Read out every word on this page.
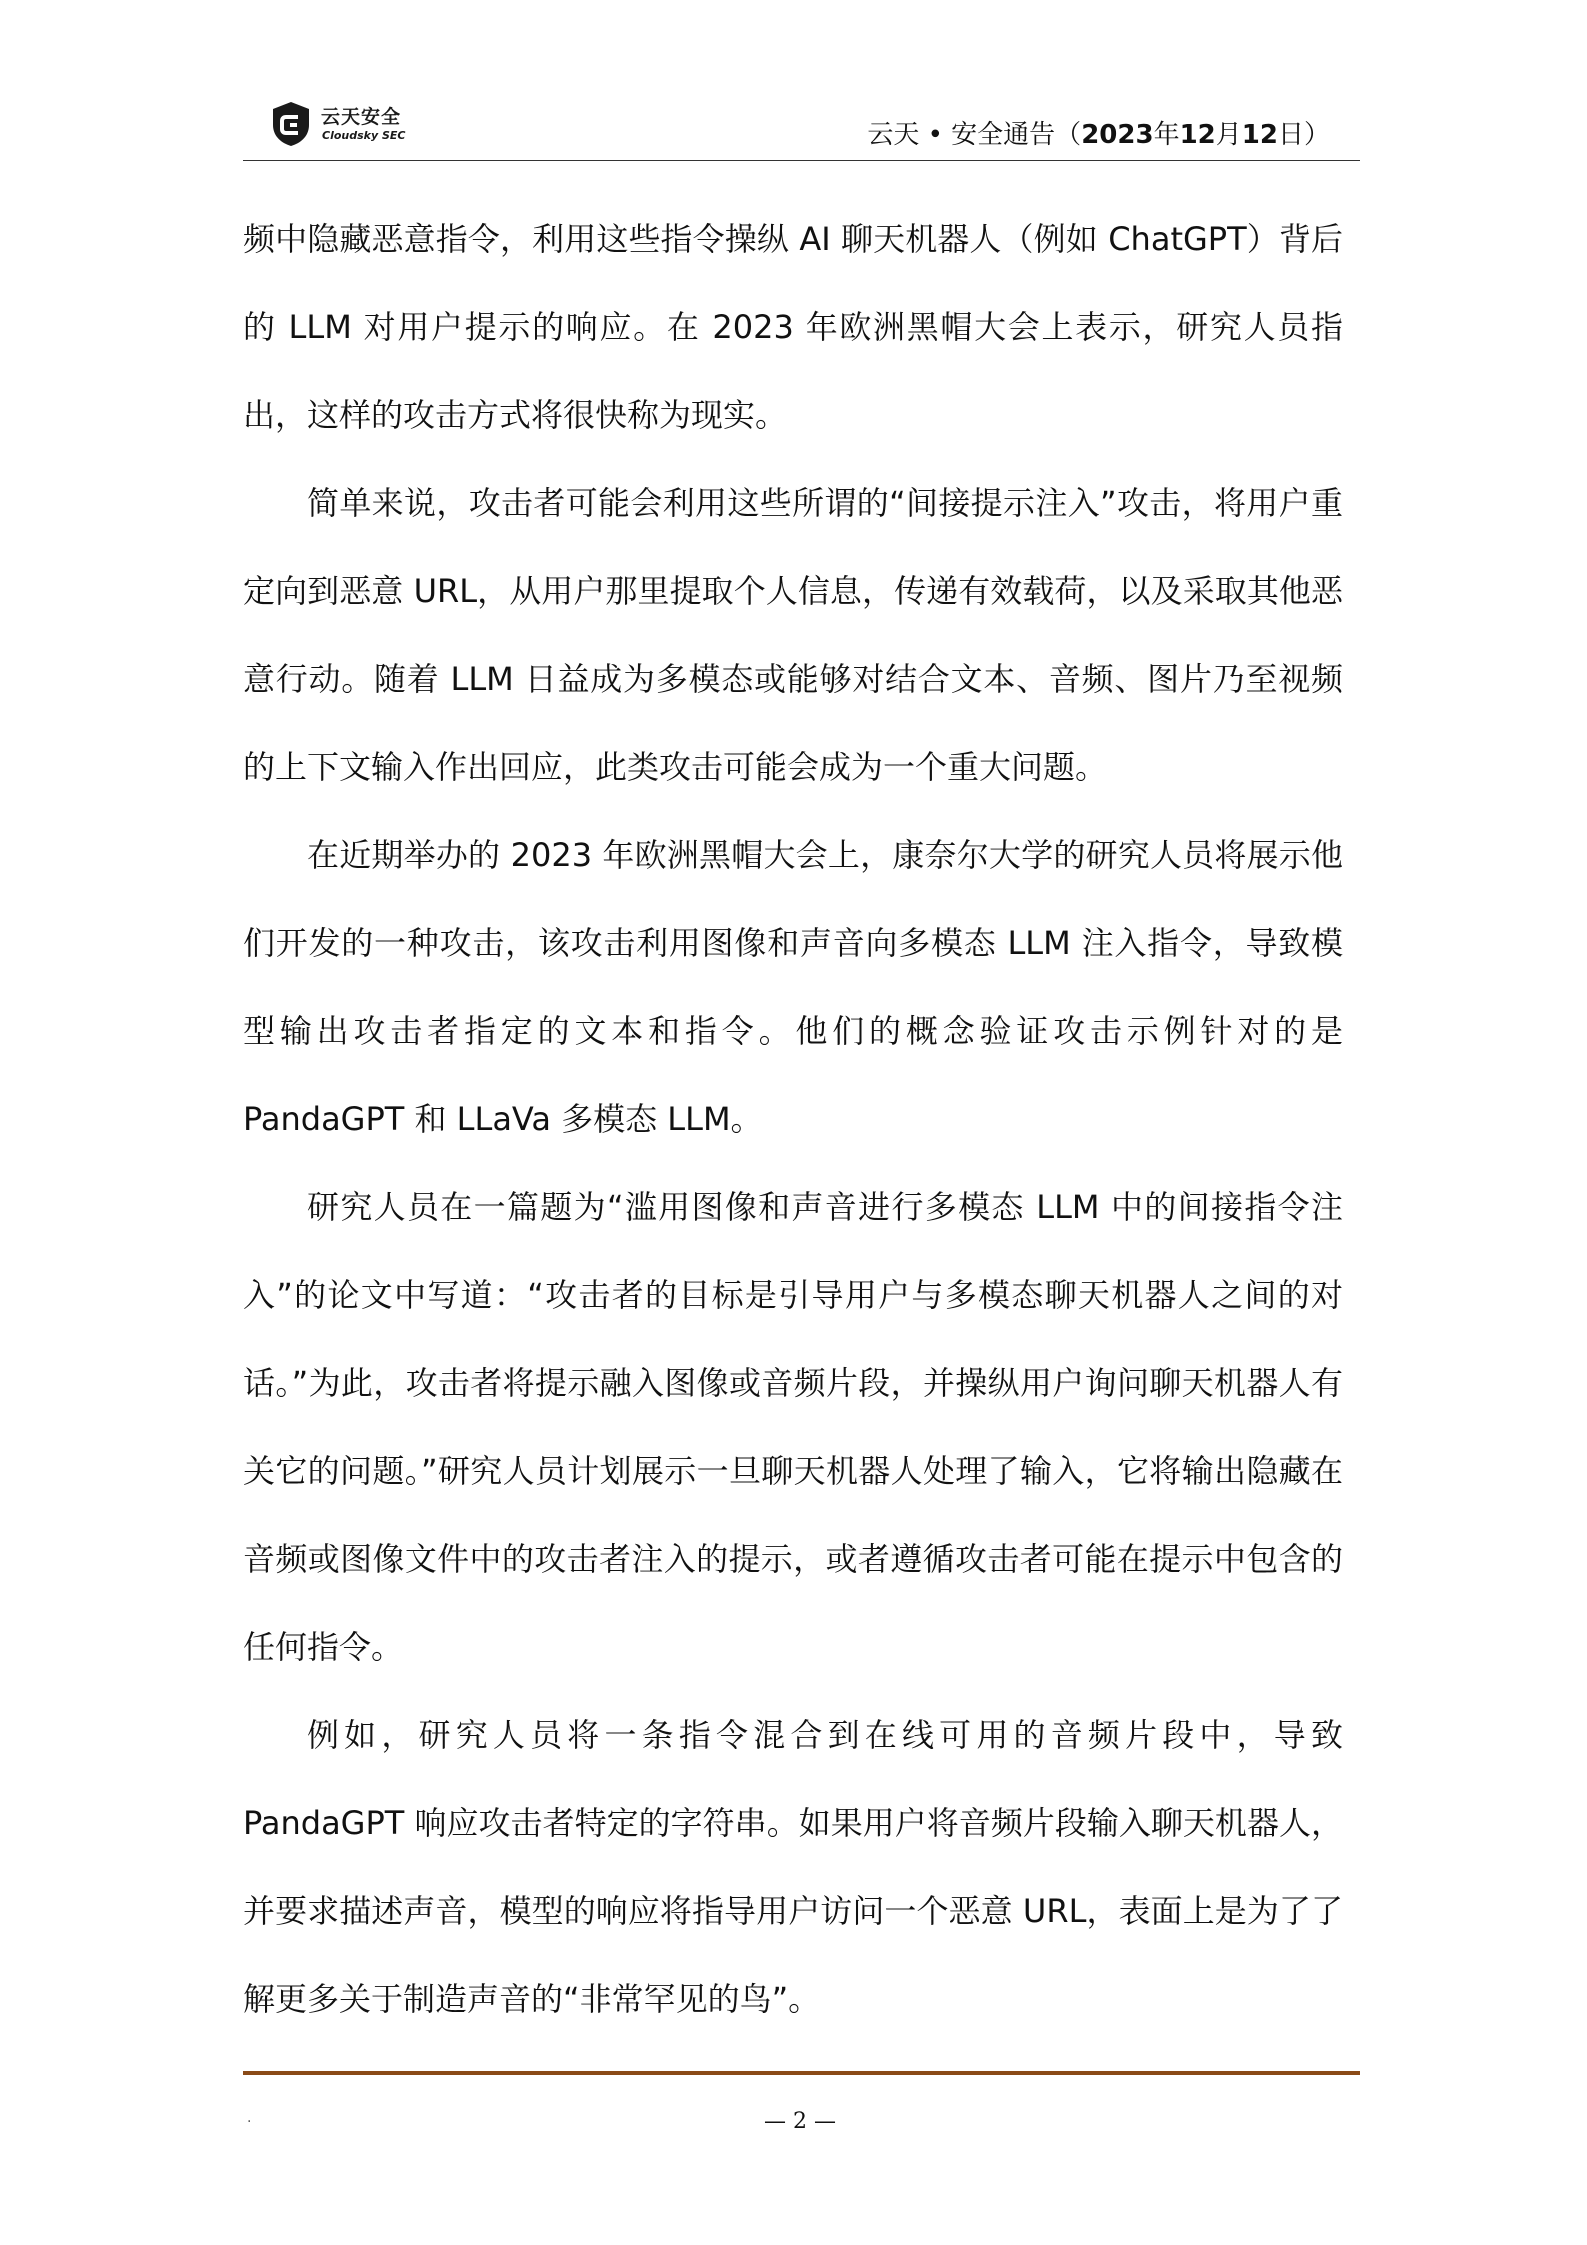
云天安全
Cloudsky SEC	云天 • 安全通告（2023年12月12日）

频中隐藏恶意指令，利用这些指令操纵 AI 聊天机器人（例如 ChatGPT）背后的 LLM 对用户提示的响应。在 2023 年欧洲黑帽大会上表示，研究人员指出，这样的攻击方式将很快称为现实。

简单来说，攻击者可能会利用这些所谓的“间接提示注入”攻击，将用户重定向到恶意 URL，从用户那里提取个人信息，传递有效载荷，以及采取其他恶意行动。随着 LLM 日益成为多模态或能够对结合文本、音频、图片乃至视频的上下文输入作出回应，此类攻击可能会成为一个重大问题。

在近期举办的 2023 年欧洲黑帽大会上，康奈尔大学的研究人员将展示他们开发的一种攻击，该攻击利用图像和声音向多模态 LLM 注入指令，导致模型输出攻击者指定的文本和指令。他们的概念验证攻击示例针对的是 PandaGPT 和 LLaVa 多模态 LLM。

研究人员在一篇题为“滥用图像和声音进行多模态 LLM 中的间接指令注入”的论文中写道：“攻击者的目标是引导用户与多模态聊天机器人之间的对话。”为此，攻击者将提示融入图像或音频片段，并操纵用户询问聊天机器人有关它的问题。”研究人员计划展示一旦聊天机器人处理了输入，它将输出隐藏在音频或图像文件中的攻击者注入的提示，或者遵循攻击者可能在提示中包含的任何指令。

例如，研究人员将一条指令混合到在线可用的音频片段中，导致 PandaGPT 响应攻击者特定的字符串。如果用户将音频片段输入聊天机器人，并要求描述声音，模型的响应将指导用户访问一个恶意 URL，表面上是为了了解更多关于制造声音的“非常罕见的鸟”。

.	— 2 —
